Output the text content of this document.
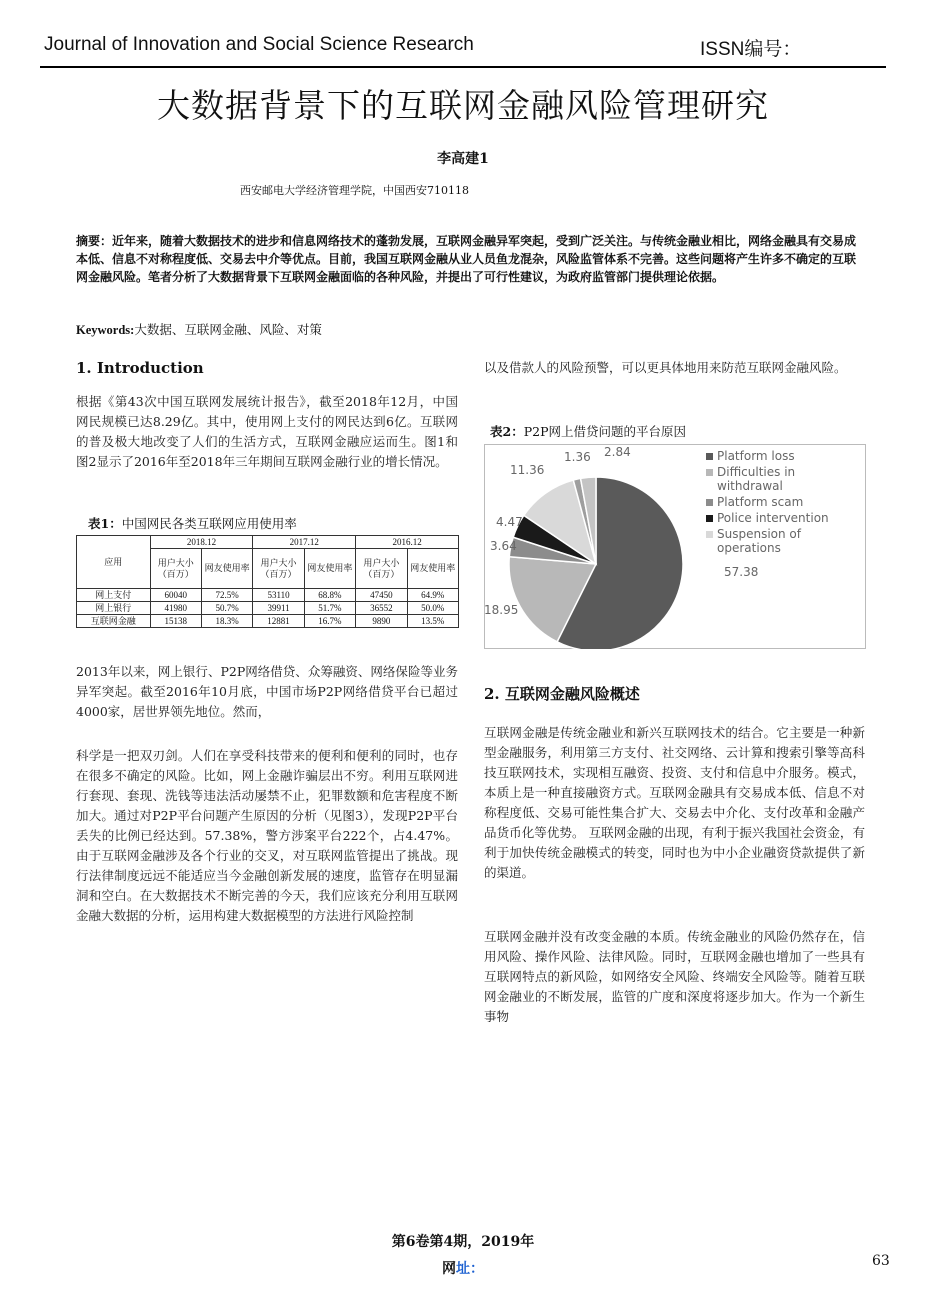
Journal of Innovation and Social Science Research	ISSN编号：
大数据背景下的互联网金融风险管理研究
李高建1
西安邮电大学经济管理学院，中国西安710118
摘要：近年来，随着大数据技术的进步和信息网络技术的蓬勃发展，互联网金融异军突起，受到广泛关注。与传统金融业相比，网络金融具有交易成本低、信息不对称程度低、交易去中介等优点。目前，我国互联网金融从业人员鱼龙混杂，风险监管体系不完善。这些问题将产生许多不确定的互联网金融风险。笔者分析了大数据背景下互联网金融面临的各种风险，并提出了可行性建议，为政府监管部门提供理论依据。
Keywords:大数据、互联网金融、风险、对策
1. Introduction
根据《第43次中国互联网发展统计报告》，截至2018年12月，中国网民规模已达8.29亿。其中，使用网上支付的网民达到6亿。互联网的普及极大地改变了人们的生活方式，互联网金融应运而生。图1和图2显示了2016年至2018年三年期间互联网金融行业的增长情况。
表1：中国网民各类互联网应用使用率
应用	2018.12		2017.12		2016.12	
	用户大小（百万）	网友使用率	用户大小（百万）	网友使用率	用户大小（百万）	网友使用率
网上支付	60040	72.5%	53110	68.8%	47450	64.9%
网上银行	41980	50.7%	39911	51.7%	36552	50.0%
互联网金融	15138	18.3%	12881	16.7%	9890	13.5%
2013年以来，网上银行、P2P网络借贷、众筹融资、网络保险等业务异军突起。截至2016年10月底，中国市场P2P网络借贷平台已超过4000家，居世界领先地位。然而，
科学是一把双刃剑。人们在享受科技带来的便利和便利的同时，也存在很多不确定的风险。比如，网上金融诈骗层出不穷。利用互联网进行套现、套现、洗钱等违法活动屡禁不止，犯罪数额和危害程度不断加大。通过对P2P平台问题产生原因的分析（见图3），发现P2P平台丢失的比例已经达到。57.38%，警方涉案平台222个，占4.47%。由于互联网金融涉及各个行业的交叉，对互联网监管提出了挑战。现行法律制度远远不能适应当今金融创新发展的速度，监管存在明显漏洞和空白。在大数据技术不断完善的今天，我们应该充分利用互联网金融大数据的分析，运用构建大数据模型的方法进行风险控制
以及借款人的风险预警，可以更具体地用来防范互联网金融风险。
表2：P2P网上借贷问题的平台原因
57.38
18.95
3.64
4.47
11.36
1.36 2.84	Platform loss
Difficulties in
withdrawal
Platform scam
Police intervention
Suspension of
operations
2. 互联网金融风险概述
互联网金融是传统金融业和新兴互联网技术的结合。它主要是一种新型金融服务，利用第三方支付、社交网络、云计算和搜索引擎等高科技互联网技术，实现相互融资、投资、支付和信息中介服务。模式，本质上是一种直接融资方式。互联网金融具有交易成本低、信息不对称程度低、交易可能性集合扩大、交易去中介化、支付改革和金融产品货币化等优势。 互联网金融的出现，有利于振兴我国社会资金，有利于加快传统金融模式的转变，同时也为中小企业融资贷款提供了新的渠道。
互联网金融并没有改变金融的本质。传统金融业的风险仍然存在，信用风险、操作风险、法律风险。同时，互联网金融也增加了一些具有互联网特点的新风险，如网络安全风险、终端安全风险等。随着互联网金融业的不断发展，监管的广度和深度将逐步加大。作为一个新生事物
第6卷第4期，2019年
网址：	63
